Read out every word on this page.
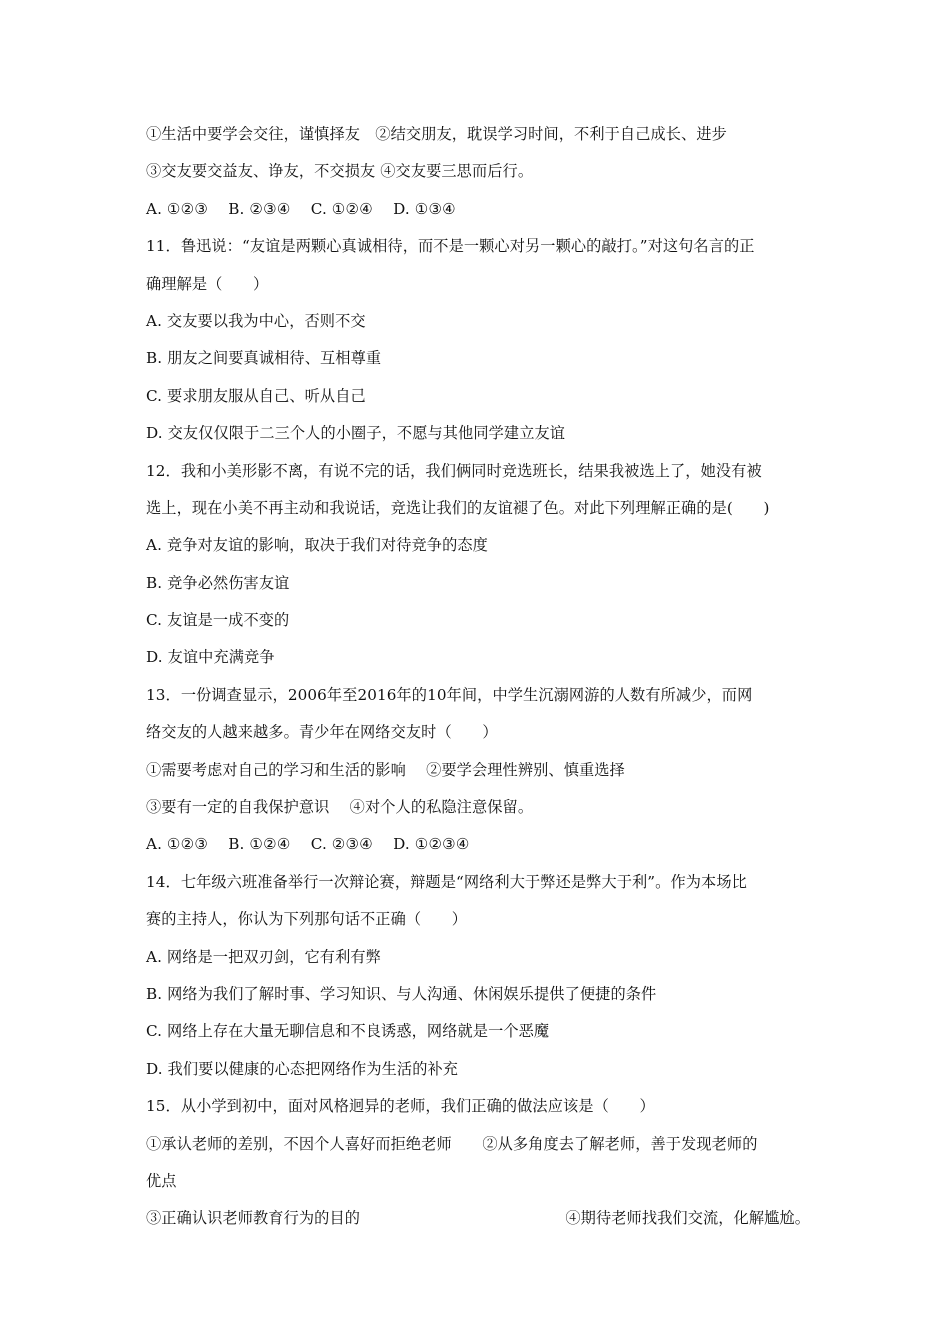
①生活中要学会交往，谨慎择友　②结交朋友，耽误学习时间，不利于自己成长、进步
③交友要交益友、诤友，不交损友 ④交友要三思而后行。
A. ①②③　 B. ②③④　 C. ①②④　 D. ①③④
11．鲁迅说：“友谊是两颗心真诚相待，而不是一颗心对另一颗心的敲打。”对这句名言的正
确理解是（　　）
A. 交友要以我为中心，否则不交
B. 朋友之间要真诚相待、互相尊重
C. 要求朋友服从自己、听从自己
D. 交友仅仅限于二三个人的小圈子，不愿与其他同学建立友谊
12．我和小美形影不离，有说不完的话，我们俩同时竞选班长，结果我被选上了，她没有被
选上，现在小美不再主动和我说话，竞选让我们的友谊褪了色。对此下列理解正确的是(　　)
A. 竞争对友谊的影响，取决于我们对待竞争的态度
B. 竞争必然伤害友谊
C. 友谊是一成不变的
D. 友谊中充满竞争
13．一份调查显示，2006年至2016年的10年间，中学生沉溺网游的人数有所减少，而网
络交友的人越来越多。青少年在网络交友时（　　）
①需要考虑对自己的学习和生活的影响　 ②要学会理性辨别、慎重选择
③要有一定的自我保护意识　 ④对个人的私隐注意保留。
A. ①②③　 B. ①②④　 C. ②③④　 D. ①②③④
14．七年级六班准备举行一次辩论赛，辩题是“网络利大于弊还是弊大于利”。作为本场比
赛的主持人，你认为下列那句话不正确（　　）
A. 网络是一把双刃剑，它有利有弊
B. 网络为我们了解时事、学习知识、与人沟通、休闲娱乐提供了便捷的条件
C. 网络上存在大量无聊信息和不良诱惑，网络就是一个恶魔
D. 我们要以健康的心态把网络作为生活的补充
15．从小学到初中，面对风格迥异的老师，我们正确的做法应该是（　　）
①承认老师的差别，不因个人喜好而拒绝老师　　②从多角度去了解老师，善于发现老师的
优点
③正确认识老师教育行为的目的	④期待老师找我们交流，化解尴尬。
